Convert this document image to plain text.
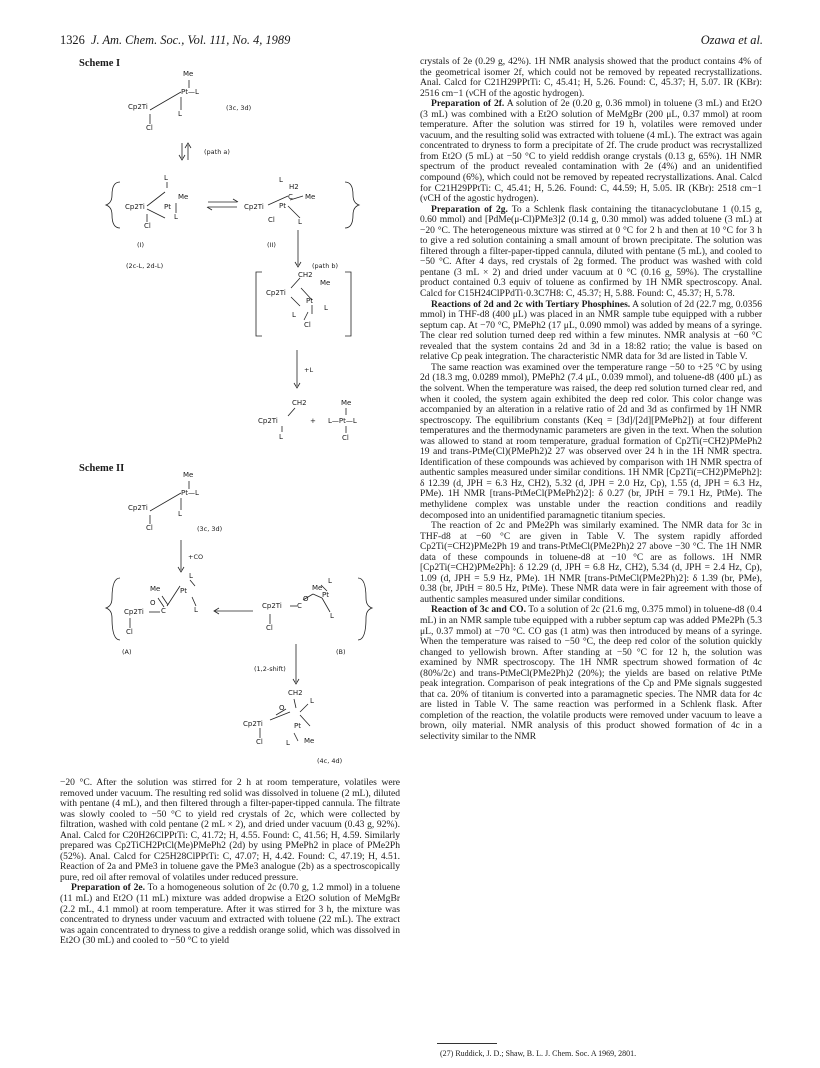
1326 J. Am. Chem. Soc., Vol. 111, No. 4, 1989	Ozawa et al.
Scheme I
Scheme II
Me
Pt—L
Cp2Ti
L
Cl
(3c, 3d)
(path a)
L
Me
Cp2Ti	Pt
Cl
L
L
H2
Me
C
Cp2Ti Pt
Cl	L
(I)	(II)
(2c-L, 2d-L)	(path b)
CH2
Me
Cp2Ti
Pt
L
L
Cl
+L
CH2
Cp2Ti
L
+
Me
L—Pt—L
Cl
Me
Pt—L
Cp2Ti
L
Cl	(3c, 3d)
+CO
Me
L
Pt
O
C
Cp2Ti	L
Cl
(A)
Me
L
Pt
Cp2Ti C
O
L
Cl
(B)
(1,2-shift)
CH2
O
L
Cp2Ti
Cl
Pt
L Me
(4c, 4d)

−20 °C. After the solution was stirred for 2 h at room temperature, volatiles were removed under vacuum. The resulting red solid was dissolved in toluene (2 mL), diluted with pentane (4 mL), and then filtered through a filter-paper-tipped cannula. The filtrate was slowly cooled to −50 °C to yield red crystals of 2c, which were collected by filtration, washed with cold pentane (2 mL × 2), and dried under vacuum (0.43 g, 92%). Anal. Calcd for C20H26ClPPtTi: C, 41.72; H, 4.55. Found: C, 41.56; H, 4.59. Similarly prepared was Cp2TiCH2PtCl(Me)PMePh2 (2d) by using PMePh2 in place of PMe2Ph (52%). Anal. Calcd for C25H28ClPPtTi: C, 47.07; H, 4.42. Found: C, 47.19; H, 4.51. Reaction of 2a and PMe3 in toluene gave the PMe3 analogue (2b) as a spectroscopically pure, red oil after removal of volatiles under reduced pressure.

Preparation of 2e. To a homogeneous solution of 2c (0.70 g, 1.2 mmol) in a toluene (11 mL) and Et2O (11 mL) mixture was added dropwise a Et2O solution of MeMgBr (2.2 mL, 4.1 mmol) at room temperature. After it was stirred for 3 h, the mixture was concentrated to dryness under vacuum and extracted with toluene (22 mL). The extract was again concentrated to dryness to give a reddish orange solid, which was dissolved in Et2O (30 mL) and cooled to −50 °C to yield

crystals of 2e (0.29 g, 42%). 1H NMR analysis showed that the product contains 4% of the geometrical isomer 2f, which could not be removed by repeated recrystallizations. Anal. Calcd for C21H29PPtTi: C, 45.41; H, 5.26. Found: C, 45.37; H, 5.07. IR (KBr): 2516 cm−1 (νCH of the agostic hydrogen).

Preparation of 2f. A solution of 2e (0.20 g, 0.36 mmol) in toluene (3 mL) and Et2O (3 mL) was combined with a Et2O solution of MeMgBr (200 μL, 0.37 mmol) at room temperature. After the solution was stirred for 19 h, volatiles were removed under vacuum, and the resulting solid was extracted with toluene (4 mL). The extract was again concentrated to dryness to form a precipitate of 2f. The crude product was recrystallized from Et2O (5 mL) at −50 °C to yield reddish orange crystals (0.13 g, 65%). 1H NMR spectrum of the product revealed contamination with 2e (4%) and an unidentified compound (6%), which could not be removed by repeated recrystallizations. Anal. Calcd for C21H29PPtTi: C, 45.41; H, 5.26. Found: C, 44.59; H, 5.05. IR (KBr): 2518 cm−1 (νCH of the agostic hydrogen).

Preparation of 2g. To a Schlenk flask containing the titanacyclobutane 1 (0.15 g, 0.60 mmol) and [PdMe(μ-Cl)PMe3]2 (0.14 g, 0.30 mmol) was added toluene (3 mL) at −20 °C. The heterogeneous mixture was stirred at 0 °C for 2 h and then at 10 °C for 3 h to give a red solution containing a small amount of brown precipitate. The solution was filtered through a filter-paper-tipped cannula, diluted with pentane (5 mL), and cooled to −50 °C. After 4 days, red crystals of 2g formed. The product was washed with cold pentane (3 mL × 2) and dried under vacuum at 0 °C (0.16 g, 59%). The crystalline product contained 0.3 equiv of toluene as confirmed by 1H NMR spectroscopy. Anal. Calcd for C15H24ClPPdTi·0.3C7H8: C, 45.37; H, 5.88. Found: C, 45.37; H, 5.78.

Reactions of 2d and 2c with Tertiary Phosphines. A solution of 2d (22.7 mg, 0.0356 mmol) in THF-d8 (400 μL) was placed in an NMR sample tube equipped with a rubber septum cap. At −70 °C, PMePh2 (17 μL, 0.090 mmol) was added by means of a syringe. The clear red solution turned deep red within a few minutes. NMR analysis at −60 °C revealed that the system contains 2d and 3d in a 18:82 ratio; the value is based on relative Cp peak integration. The characteristic NMR data for 3d are listed in Table V.

The same reaction was examined over the temperature range −50 to +25 °C by using 2d (18.3 mg, 0.0289 mmol), PMePh2 (7.4 μL, 0.039 mmol), and toluene-d8 (400 μL) as the solvent. When the temperature was raised, the deep red solution turned clear red, and when it cooled, the system again exhibited the deep red color. This color change was accompanied by an alteration in a relative ratio of 2d and 3d as confirmed by 1H NMR spectroscopy. The equilibrium constants (Keq = [3d]/[2d][PMePh2]) at four different temperatures and the thermodynamic parameters are given in the text. When the solution was allowed to stand at room temperature, gradual formation of Cp2Ti(=CH2)PMePh2 19 and trans-PtMe(Cl)(PMePh2)2 27 was observed over 24 h in the 1H NMR spectra. Identification of these compounds was achieved by comparison with 1H NMR spectra of authentic samples measured under similar conditions. 1H NMR [Cp2Ti(=CH2)PMePh2]: δ 12.39 (d, JPH = 6.3 Hz, CH2), 5.32 (d, JPH = 2.0 Hz, Cp), 1.55 (d, JPH = 6.3 Hz, PMe). 1H NMR [trans-PtMeCl(PMePh2)2]: δ 0.27 (br, JPtH = 79.1 Hz, PtMe). The methylidene complex was unstable under the reaction conditions and readily decomposed into an unidentified paramagnetic titanium species.

The reaction of 2c and PMe2Ph was similarly examined. The NMR data for 3c in THF-d8 at −60 °C are given in Table V. The system rapidly afforded Cp2Ti(=CH2)PMe2Ph 19 and trans-PtMeCl(PMe2Ph)2 27 above −30 °C. The 1H NMR data of these compounds in toluene-d8 at −10 °C are as follows. 1H NMR [Cp2Ti(=CH2)PMe2Ph]: δ 12.29 (d, JPH = 6.8 Hz, CH2), 5.34 (d, JPH = 2.4 Hz, Cp), 1.09 (d, JPH = 5.9 Hz, PMe). 1H NMR [trans-PtMeCl(PMe2Ph)2]: δ 1.39 (br, PMe), 0.38 (br, JPtH = 80.5 Hz, PtMe). These NMR data were in fair agreement with those of authentic samples measured under similar conditions.

Reaction of 3c and CO. To a solution of 2c (21.6 mg, 0.375 mmol) in toluene-d8 (0.4 mL) in an NMR sample tube equipped with a rubber septum cap was added PMe2Ph (5.3 μL, 0.37 mmol) at −70 °C. CO gas (1 atm) was then introduced by means of a syringe. When the temperature was raised to −50 °C, the deep red color of the solution quickly changed to yellowish brown. After standing at −50 °C for 12 h, the solution was examined by NMR spectroscopy. The 1H NMR spectrum showed formation of 4c (80%/2c) and trans-PtMeCl(PMe2Ph)2 (20%); the yields are based on relative PtMe peak integration. Comparison of peak integrations of the Cp and PMe signals suggested that ca. 20% of titanium is converted into a paramagnetic species. The NMR data for 4c are listed in Table V. The same reaction was performed in a Schlenk flask. After completion of the reaction, the volatile products were removed under vacuum to leave a brown, oily material. NMR analysis of this product showed formation of 4c in a selectivity similar to the NMR

(27) Ruddick, J. D.; Shaw, B. L. J. Chem. Soc. A 1969, 2801.
